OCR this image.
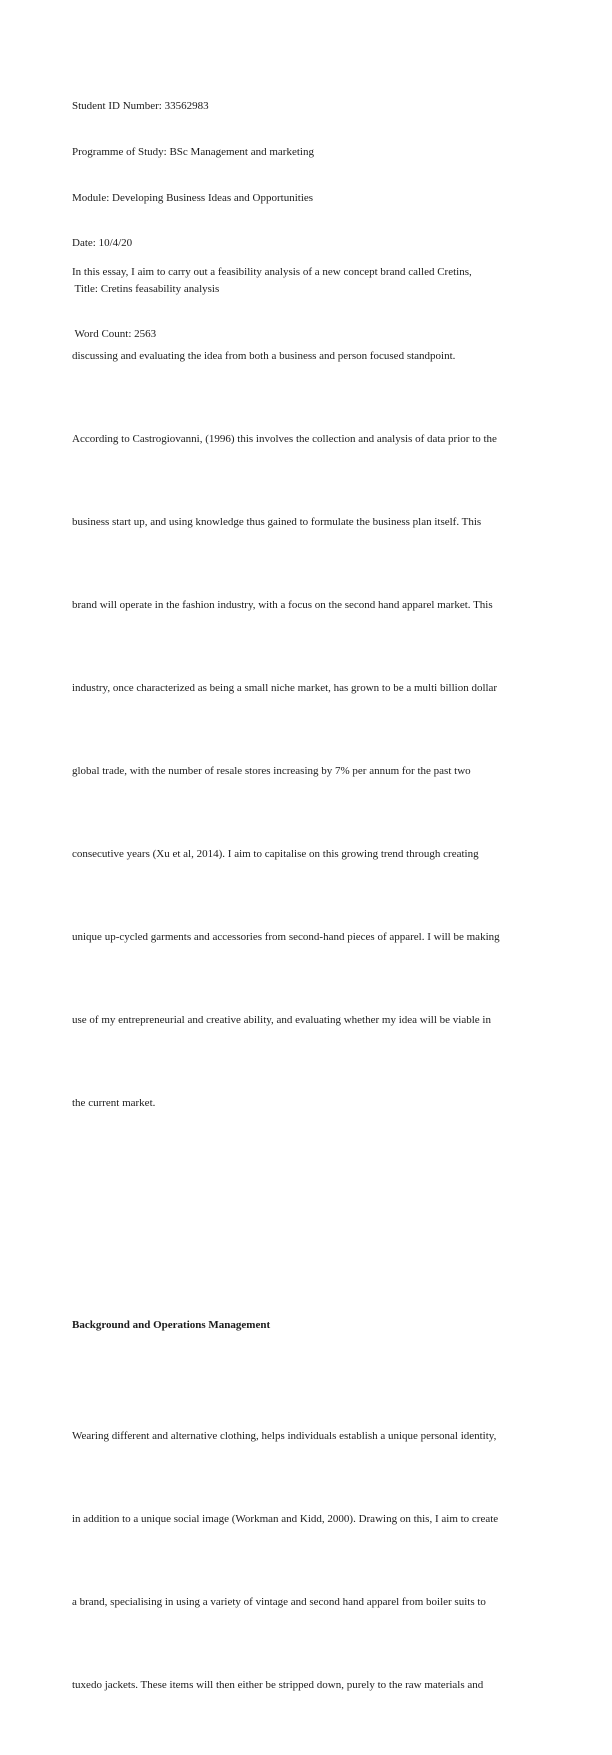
Student ID Number: 33562983

Programme of Study: BSc Management and marketing

Module: Developing Business Ideas and Opportunities

Date: 10/4/20

Title: Cretins feasability analysis

Word Count: 2563

In this essay, I aim to carry out a feasibility analysis of a new concept brand called Cretins,

discussing and evaluating the idea from both a business and person focused standpoint.

According to Castrogiovanni, (1996) this involves the collection and analysis of data prior to the

business start up, and using knowledge thus gained to formulate the business plan itself. This

brand will operate in the fashion industry, with a focus on the second hand apparel market. This

industry, once characterized as being a small niche market, has grown to be a multi billion dollar

global trade, with the number of resale stores increasing by 7% per annum for the past two

consecutive years (Xu et al, 2014). I aim to capitalise on this growing trend through creating

unique up-cycled garments and accessories from second-hand pieces of apparel. I will be making

use of my entrepreneurial and creative ability, and evaluating whether my idea will be viable in

the current market.

Background and Operations Management

Wearing different and alternative clothing, helps individuals establish a unique personal identity,

in addition to a unique social image (Workman and Kidd, 2000). Drawing on this, I aim to create

a brand, specialising in using a variety of vintage and second hand apparel from boiler suits to

tuxedo jackets. These items will then either be stripped down, purely to the raw materials and
